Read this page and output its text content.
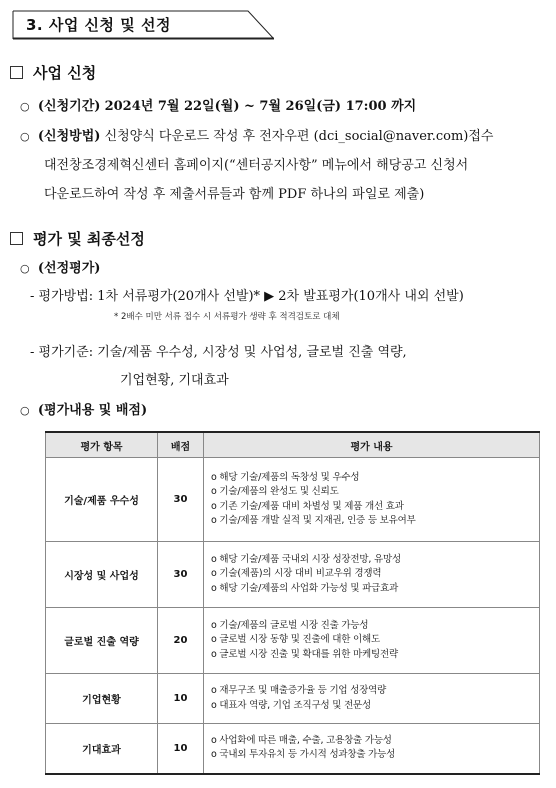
3. 사업 신청 및 선정
사업 신청
○ (신청기간) 2024년 7월 22일(월) ~ 7월 26일(금) 17:00 까지
○ (신청방법) 신청양식 다운로드 작성 후 전자우편 (dci_social@naver.com)접수
대전창조경제혁신센터 홈페이지(“센터공지사항” 메뉴에서 해당공고 신청서
다운로드하여 작성 후 제출서류들과 함께 PDF 하나의 파일로 제출)
평가 및 최종선정
○ (선정평가)
- 평가방법: 1차 서류평가(20개사 선발)* ▶ 2차 발표평가(10개사 내외 선발)
* 2배수 미만 서류 접수 시 서류평가 생략 후 적격검토로 대체
- 평가기준: 기술/제품 우수성, 시장성 및 사업성, 글로벌 진출 역량,
기업현황, 기대효과
○ (평가내용 및 배점)
평가 항목	배점	평가 내용
기술/제품 우수성	30	o 해당 기술/제품의 독창성 및 우수성
o 기술/제품의 완성도 및 신뢰도
o 기존 기술/제품 대비 차별성 및 제품 개선 효과
o 기술/제품 개발 실적 및 지재권, 인증 등 보유여부

시장성 및 사업성	30	o 해당 기술/제품 국내외 시장 성장전망, 유망성
o 기술(제품)의 시장 대비 비교우위 경쟁력
o 해당 기술/제품의 사업화 가능성 및 파급효과

글로벌 진출 역량	20	o 기술/제품의 글로벌 시장 진출 가능성
o 글로벌 시장 동향 및 진출에 대한 이해도
o 글로벌 시장 진출 및 확대를 위한 마케팅전략

기업현황	10	o 재무구조 및 매출증가율 등 기업 성장역량
o 대표자 역량, 기업 조직구성 및 전문성

기대효과	10	o 사업화에 따른 매출, 수출, 고용창출 가능성
o 국내외 투자유치 등 가시적 성과창출 가능성
